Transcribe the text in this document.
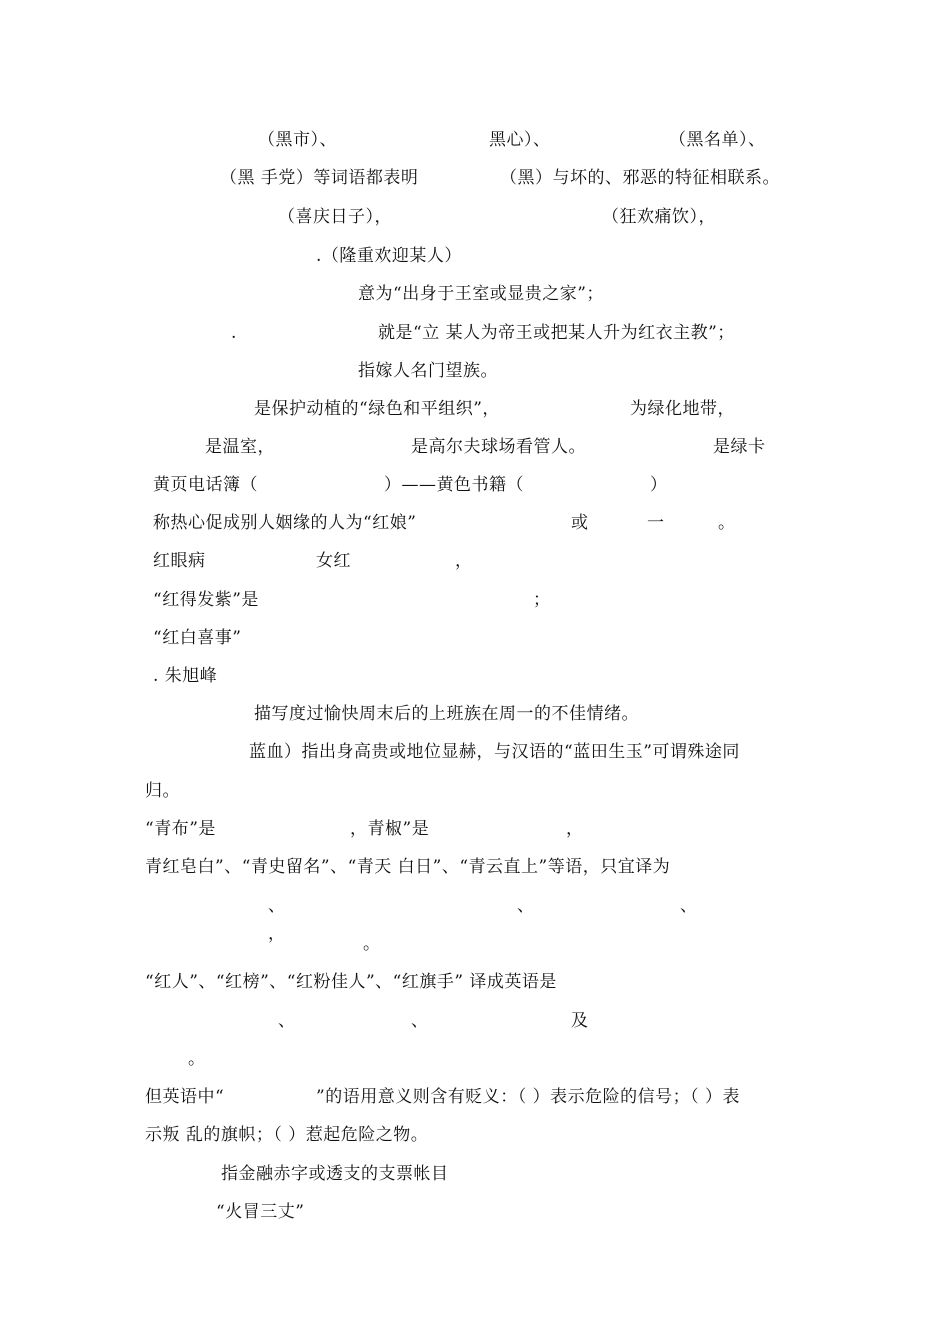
（黑市）、	黑心）、	（黑名单）、
（黑 手党）等词语都表明	（黑）与坏的、邪恶的特征相联系。
（喜庆日子），	（狂欢痛饮），
.（隆重欢迎某人）
意为“出身于王室或显贵之家”；
.	就是“立 某人为帝王或把某人升为红衣主教”；
指嫁人名门望族。
是保护动植的“绿色和平组织”，	为绿化地带，
是温室，	是高尔夫球场看管人。	是绿卡
黄页电话簿（	）——黄色书籍（	）
称热心促成别人姻缘的人为“红娘”	或	一	。
红眼病	女红	，
“红得发紫”是	；
“红白喜事”
. 朱旭峰
描写度过愉快周末后的上班族在周一的不佳情绪。
蓝血）指出身高贵或地位显赫，与汉语的“蓝田生玉”可谓殊途同
归。
“青布”是	，青椒”是	，
青红皂白”、“青史留名”、“青天 白日”、“青云直上”等语，只宜译为
、	、	、
，	。
“红人”、“红榜”、“红粉佳人”、“红旗手” 译成英语是
、	、	及
。
但英语中“	”的语用意义则含有贬义：（ ）表示危险的信号；（ ）表
示叛 乱的旗帜；（ ）惹起危险之物。
指金融赤字或透支的支票帐目
“火冒三丈”
